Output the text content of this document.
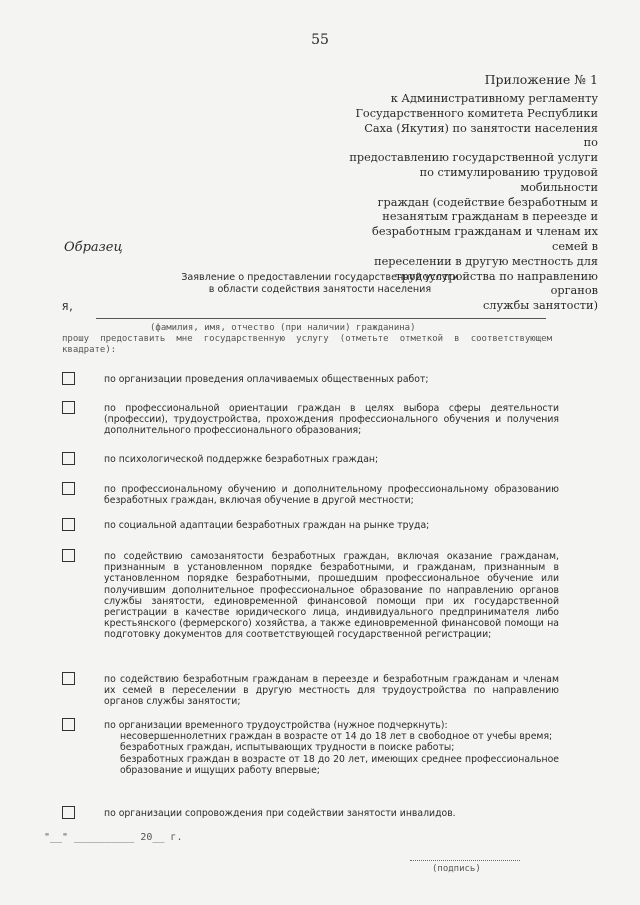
55
Приложение № 1
к Административному регламенту
Государственного комитета Республики
Саха (Якутия) по занятости населения по
предоставлению государственной услуги
по стимулированию трудовой мобильности
граждан (содействие безработным и
незанятым гражданам в переезде и
безработным гражданам и членам их семей в
переселении в другую местность для
трудоустройства по направлению органов
службы занятости)
Образец
Заявление о предоставлении государственной услуги
в области содействия занятости населения
Я,
(фамилия, имя, отчество (при наличии) гражданина)
прошу предоставить мне государственную услугу (отметьте отметкой в соответствующем квадрате):
по организации проведения оплачиваемых общественных работ;
по профессиональной ориентации граждан в целях выбора сферы деятельности (профессии), трудоустройства, прохождения профессионального обучения и получения дополнительного профессионального образования;
по психологической поддержке безработных граждан;
по профессиональному обучению и дополнительному профессиональному образованию безработных граждан, включая обучение в другой местности;
по социальной адаптации безработных граждан на рынке труда;
по содействию самозанятости безработных граждан, включая оказание гражданам, признанным в установленном порядке безработными, и гражданам, признанным в установленном порядке безработными, прошедшим профессиональное обучение или получившим дополнительное профессиональное образование по направлению органов службы занятости, единовременной финансовой помощи при их государственной регистрации в качестве юридического лица, индивидуального предпринимателя либо крестьянского (фермерского) хозяйства, а также единовременной финансовой помощи на подготовку документов для соответствующей государственной регистрации;
по содействию безработным гражданам в переезде и безработным гражданам и членам их семей в переселении в другую местность для трудоустройства по направлению органов службы занятости;
по организации временного трудоустройства (нужное подчеркнуть):
несовершеннолетних граждан в возрасте от 14 до 18 лет в свободное от учебы время;
безработных граждан, испытывающих трудности в поиске работы;
безработных граждан в возрасте от 18 до 20 лет, имеющих среднее профессиональное образование и ищущих работу впервые;
по организации сопровождения при содействии занятости инвалидов.
"__" __________ 20__ г.
(подпись)
